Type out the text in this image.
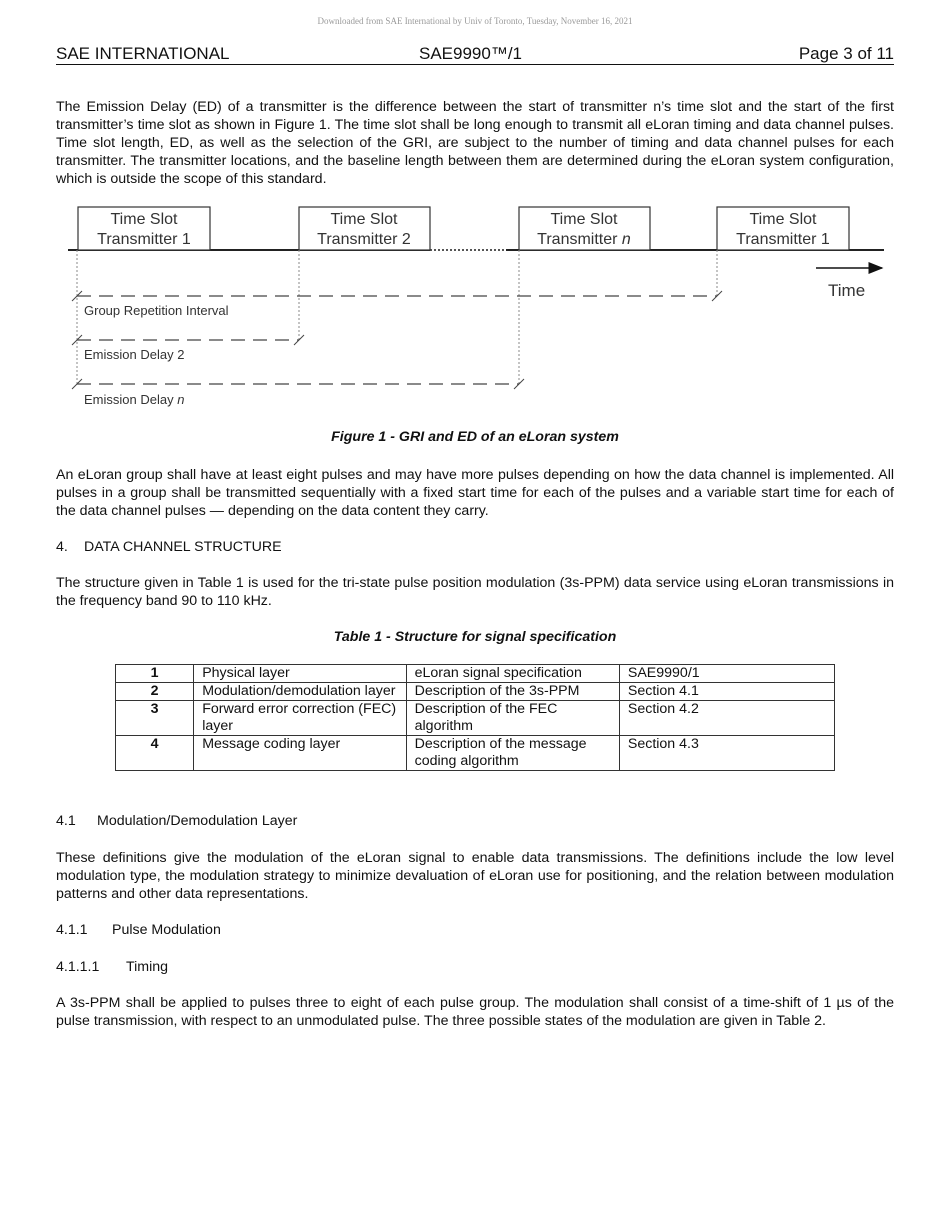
Downloaded from SAE International by Univ of Toronto, Tuesday, November 16, 2021
SAE INTERNATIONAL	SAE9990™/1	Page 3 of 11

The Emission Delay (ED) of a transmitter is the difference between the start of transmitter n’s time slot and the start of the first transmitter’s time slot as shown in Figure 1. The time slot shall be long enough to transmit all eLoran timing and data channel pulses. Time slot length, ED, as well as the selection of the GRI, are subject to the number of timing and data channel pulses for each transmitter. The transmitter locations, and the baseline length between them are determined during the eLoran system configuration, which is outside the scope of this standard.

Time Slot
Transmitter 1
Time Slot
Transmitter 2
Time Slot
Transmitter n
Time Slot
Transmitter 1
Time
Group Repetition Interval
Emission Delay 2
Emission Delay n
Figure 1 - GRI and ED of an eLoran system

An eLoran group shall have at least eight pulses and may have more pulses depending on how the data channel is implemented. All pulses in a group shall be transmitted sequentially with a fixed start time for each of the pulses and a variable start time for each of the data channel pulses — depending on the data content they carry.

4. DATA CHANNEL STRUCTURE

The structure given in Table 1 is used for the tri-state pulse position modulation (3s-PPM) data service using eLoran transmissions in the frequency band 90 to 110 kHz.

Table 1 - Structure for signal specification
1	Physical layer	eLoran signal specification	SAE9990/1
2	Modulation/demodulation layer	Description of the 3s-PPM	Section 4.1
3	Forward error correction (FEC) layer	Description of the FEC algorithm	Section 4.2
4	Message coding layer	Description of the message coding algorithm	Section 4.3
4.1 Modulation/Demodulation Layer

These definitions give the modulation of the eLoran signal to enable data transmissions. The definitions include the low level modulation type, the modulation strategy to minimize devaluation of eLoran use for positioning, and the relation between modulation patterns and other data representations.

4.1.1 Pulse Modulation
4.1.1.1 Timing

A 3s-PPM shall be applied to pulses three to eight of each pulse group. The modulation shall consist of a time-shift of 1 µs of the pulse transmission, with respect to an unmodulated pulse. The three possible states of the modulation are given in Table 2.
